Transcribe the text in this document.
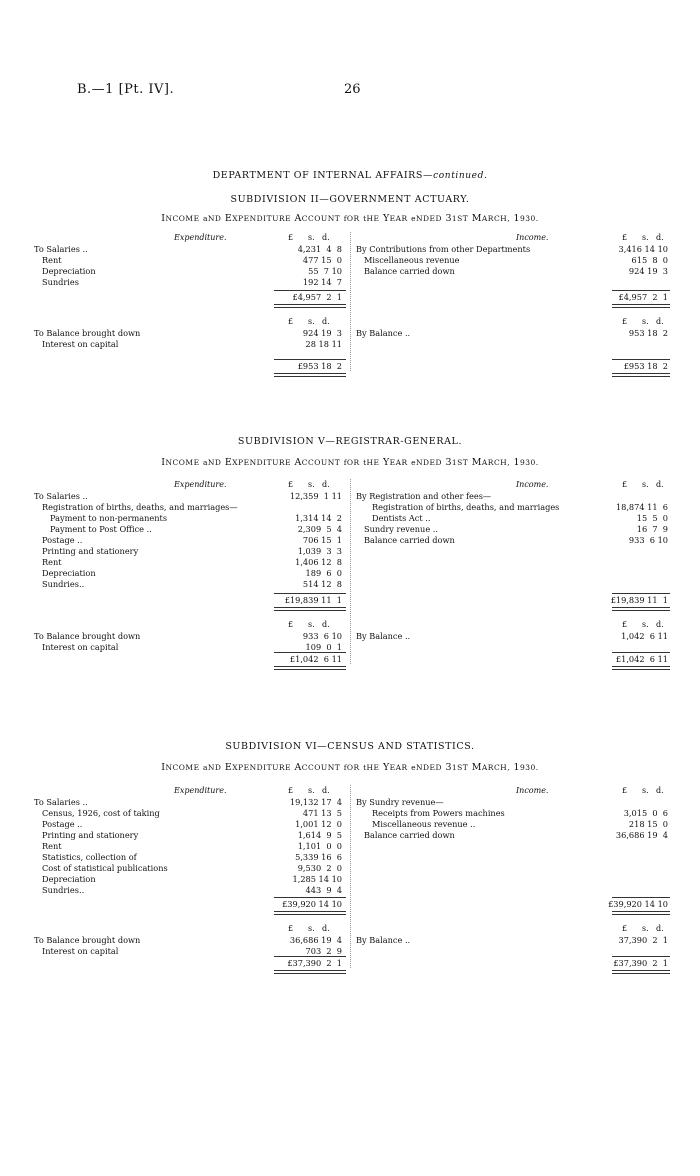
B.—1 [Pt. IV].	26
DEPARTMENT OF INTERNAL AFFAIRS—continued.
SUBDIVISION II—GOVERNMENT ACTUARY.
INCOME aND EXPENDITURE ACCOUNT fOR tHE YEAR eNDED 31ST MARCH, 1930.
Expenditure.	£ s. d.
To Salaries ..	4,231  4  8
Rent	477 15  0
Depreciation	55  7 10
Sundries	192 14  7
£4,957  2  1
£ s. d.
To Balance brought down	924 19  3
Interest on capital	28 18 11
£953 18  2
Income.	£ s. d.
By Contributions from other Departments	3,416 14 10
Miscellaneous revenue	615  8  0
Balance carried down	924 19  3
£4,957  2  1
£ s. d.
By Balance ..	953 18  2
£953 18  2
SUBDIVISION V—REGISTRAR-GENERAL.
INCOME aND EXPENDITURE ACCOUNT fOR tHE YEAR eNDED 31ST MARCH, 1930.
Expenditure.	£ s. d.
To Salaries ..	12,359  1 11
Registration of births, deaths, and marriages—
Payment to non-permanents	1,314 14  2
Payment to Post Office ..	2,309  5  4
Postage ..	706 15  1
Printing and stationery	1,039  3  3
Rent	1,406 12  8
Depreciation	189  6  0
Sundries..	514 12  8
£19,839 11  1
£ s. d.
To Balance brought down	933  6 10
Interest on capital	109  0  1
£1,042  6 11
Income.	£ s. d.
By Registration and other fees—
Registration of births, deaths, and marriages	18,874 11  6
Dentists Act ..	15  5  0
Sundry revenue ..	16  7  9
Balance carried down	933  6 10
£19,839 11  1
£ s. d.
By Balance ..	1,042  6 11
£1,042  6 11
SUBDIVISION VI—CENSUS AND STATISTICS.
INCOME aND EXPENDITURE ACCOUNT fOR tHE YEAR eNDED 31ST MARCH, 1930.
Expenditure.	£ s. d.
To Salaries ..	19,132 17  4
Census, 1926, cost of taking	471 13  5
Postage ..	1,001 12  0
Printing and stationery	1,614  9  5
Rent	1,101  0  0
Statistics, collection of	5,339 16  6
Cost of statistical publications	9,530  2  0
Depreciation	1,285 14 10
Sundries..	443  9  4
£39,920 14 10
£ s. d.
To Balance brought down	36,686 19  4
Interest on capital	703  2  9
£37,390  2  1
Income.	£ s. d.
By Sundry revenue—
Receipts from Powers machines	3,015  0  6
Miscellaneous revenue ..	218 15  0
Balance carried down	36,686 19  4
£39,920 14 10
£ s. d.
By Balance ..	37,390  2  1
£37,390  2  1
